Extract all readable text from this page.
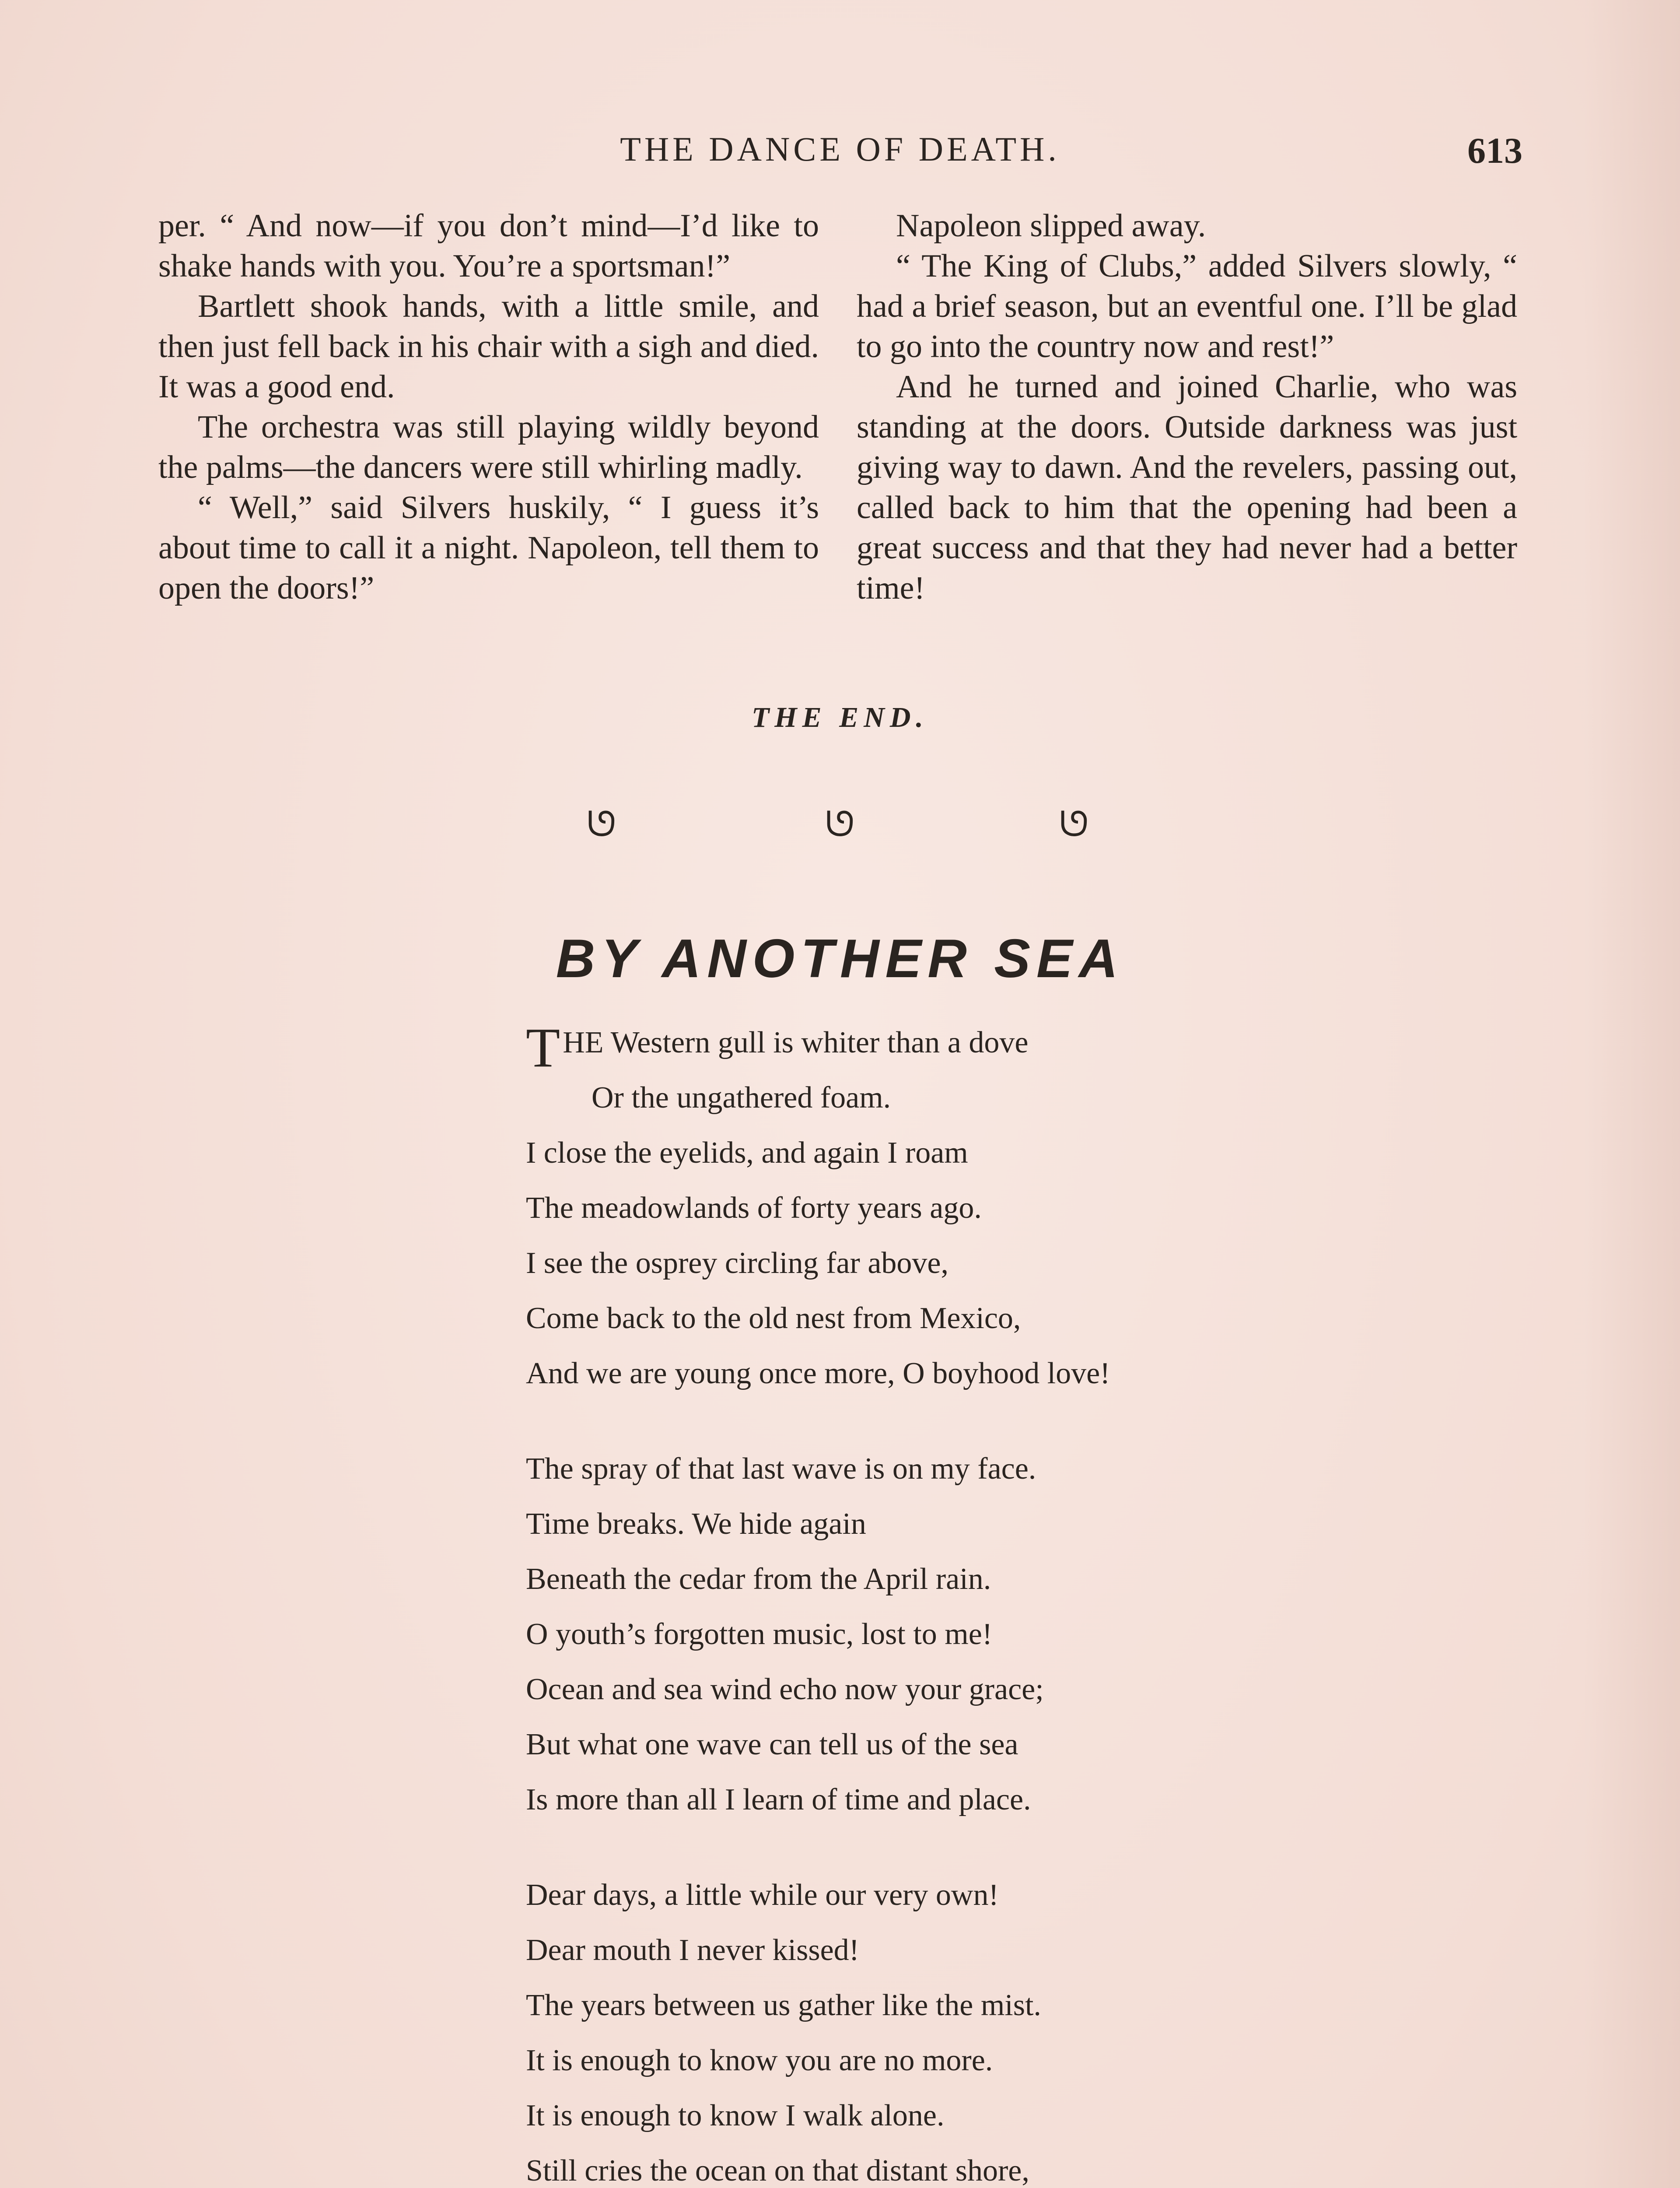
THE DANCE OF DEATH.	613

per. “ And now—if you don’t mind—I’d like to shake hands with you. You’re a sportsman!”

Bartlett shook hands, with a little smile, and then just fell back in his chair with a sigh and died. It was a good end.

The orchestra was still playing wildly beyond the palms—the dancers were still whirling madly.

“ Well,” said Silvers huskily, “ I guess it’s about time to call it a night. Napoleon, tell them to open the doors!”

Napoleon slipped away.

“ The King of Clubs,” added Silvers slowly, “ had a brief season, but an eventful one. I’ll be glad to go into the country now and rest!”

And he turned and joined Charlie, who was standing at the doors. Outside darkness was just giving way to dawn. And the revelers, passing out, called back to him that the opening had been a great success and that they had never had a better time!

THE END.
ᘎ	ᘎ	ᘎ
BY ANOTHER SEA
THE Western gull is whiter than a dove
Or the ungathered foam.
I close the eyelids, and again I roam
The meadowlands of forty years ago.
I see the osprey circling far above,
Come back to the old nest from Mexico,
And we are young once more, O boyhood love!
The spray of that last wave is on my face.
Time breaks. We hide again
Beneath the cedar from the April rain.
O youth’s forgotten music, lost to me!
Ocean and sea wind echo now your grace;
But what one wave can tell us of the sea
Is more than all I learn of time and place.
Dear days, a little while our very own!
Dear mouth I never kissed!
The years between us gather like the mist.
It is enough to know you are no more.
It is enough to know I walk alone.
Still cries the ocean on that distant shore,
